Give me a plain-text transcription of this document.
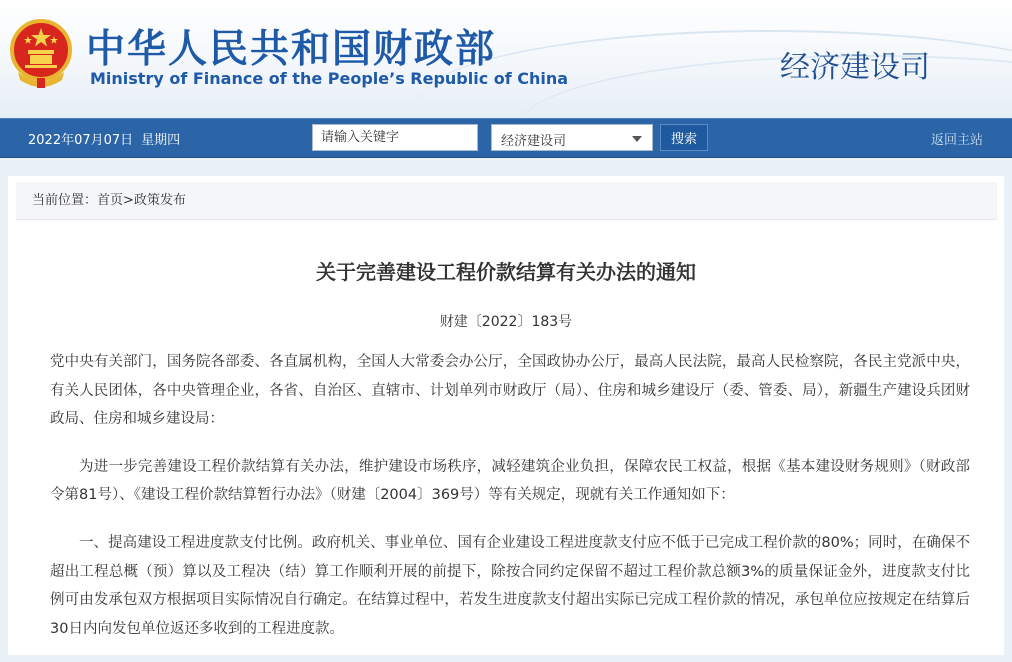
中华人民共和国财政部
Ministry of Finance of the People’s Republic of China	经济建设司
2022年07月07日 星期四
请输入关键字	经济建设司	搜索	返回主站
当前位置：首页>政策发布
关于完善建设工程价款结算有关办法的通知
财建〔2022〕183号

党中央有关部门，国务院各部委、各直属机构，全国人大常委会办公厅，全国政协办公厅，最高人民法院，最高人民检察院，各民主党派中央，有关人民团体，各中央管理企业，各省、自治区、直辖市、计划单列市财政厅（局）、住房和城乡建设厅（委、管委、局），新疆生产建设兵团财政局、住房和城乡建设局：

为进一步完善建设工程价款结算有关办法，维护建设市场秩序，减轻建筑企业负担，保障农民工权益，根据《基本建设财务规则》（财政部令第81号）、《建设工程价款结算暂行办法》（财建〔2004〕369号）等有关规定，现就有关工作通知如下：

一、提高建设工程进度款支付比例。政府机关、事业单位、国有企业建设工程进度款支付应不低于已完成工程价款的80%；同时，在确保不超出工程总概（预）算以及工程决（结）算工作顺利开展的前提下，除按合同约定保留不超过工程价款总额3%的质量保证金外，进度款支付比例可由发承包双方根据项目实际情况自行确定。在结算过程中，若发生进度款支付超出实际已完成工程价款的情况，承包单位应按规定在结算后30日内向发包单位返还多收到的工程进度款。
